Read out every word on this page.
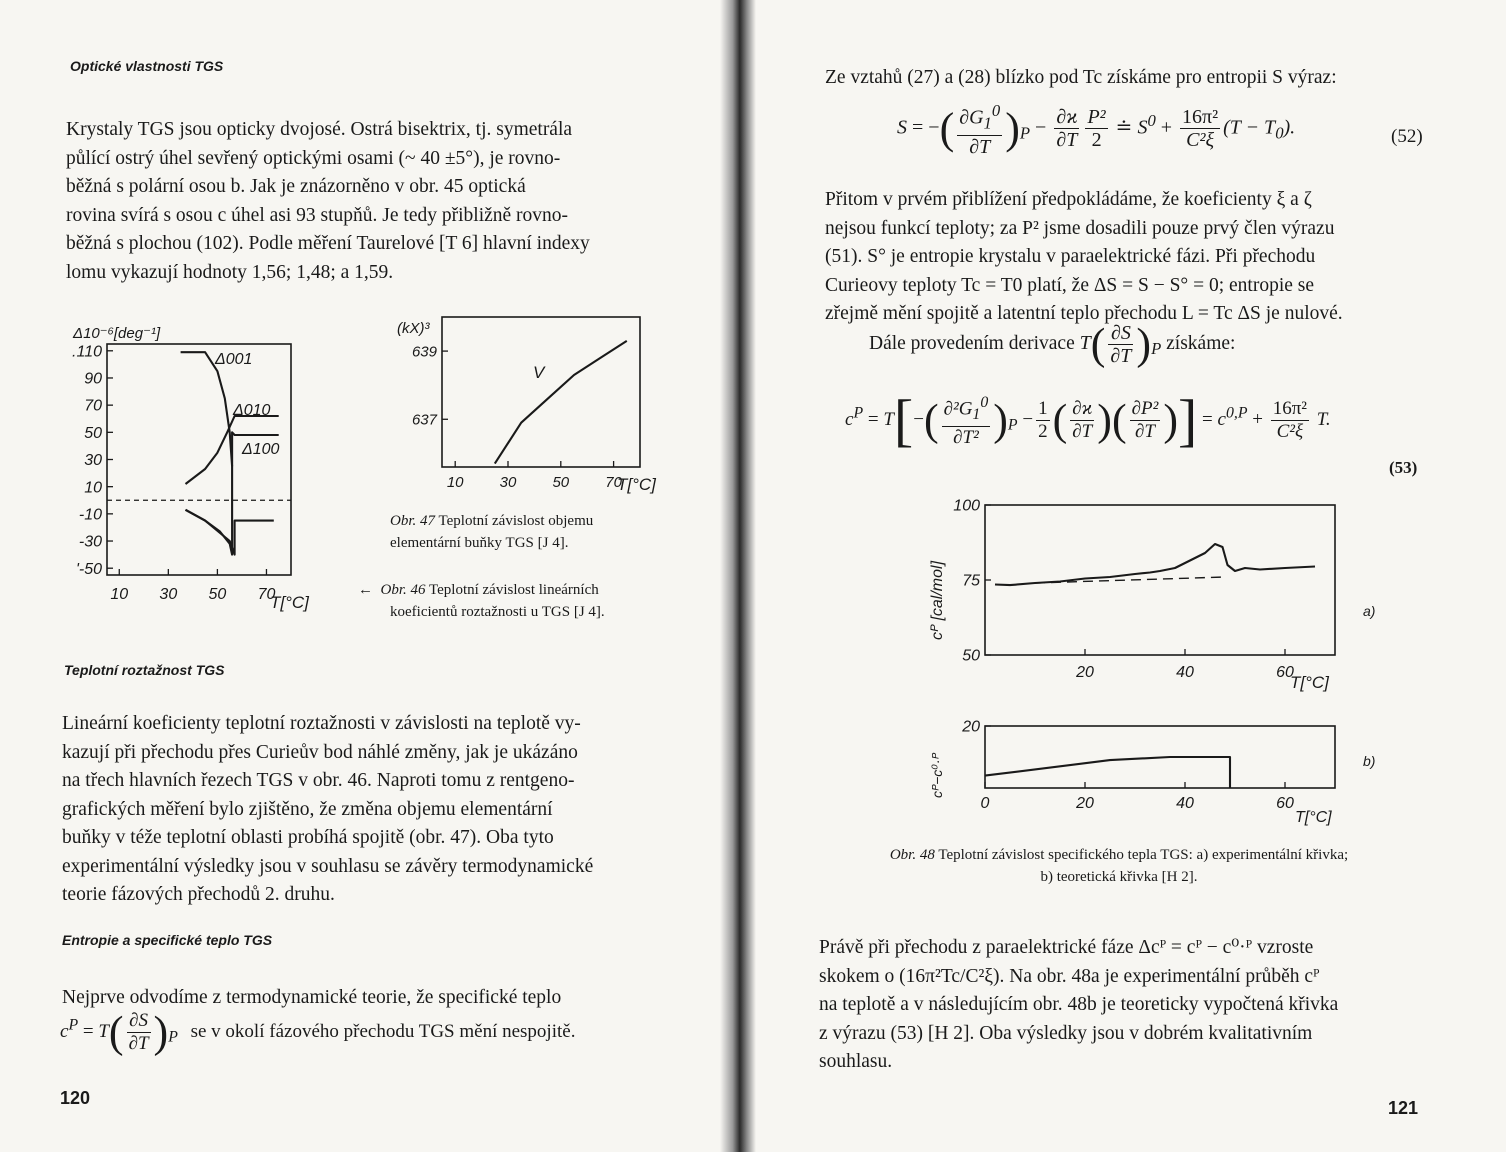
Optické vlastnosti TGS
Krystaly TGS jsou opticky dvojosé. Ostrá bisektrix, tj. symetrála
půlící ostrý úhel sevřený optickými osami (~ 40 ±5°), je rovno-
běžná s polární osou b. Jak je znázorněno v obr. 45 optická
rovina svírá s osou c úhel asi 93 stupňů. Je tedy přibližně rovno-
běžná s plochou (102). Podle měření Taurelové [T 6] hlavní indexy
lomu vykazují hodnoty 1,56; 1,48; a 1,59.
Δ10⁻⁶[deg⁻¹]
10 30 50 70
.110
90
70
50
30
10
-10
-30
'-50
Δ001
Δ010
Δ100
T[°C]
(kX)³
10 30 50 70
639
637
V
T[°C]
Obr. 47 Teplotní závislost objemu
elementární buňky TGS [J 4].
← Obr. 46 Teplotní závislost lineárních
koeficientů roztažnosti u TGS [J 4].
Teplotní roztažnost TGS
Lineární koeficienty teplotní roztažnosti v závislosti na teplotě vy-
kazují při přechodu přes Curieův bod náhlé změny, jak je ukázáno
na třech hlavních řezech TGS v obr. 46. Naproti tomu z rentgeno-
grafických měření bylo zjištěno, že změna objemu elementární
buňky v téže teplotní oblasti probíhá spojitě (obr. 47). Oba tyto
experimentální výsledky jsou v souhlasu se závěry termodynamické
teorie fázových přechodů 2. druhu.
Entropie a specifické teplo TGS
Nejprve odvodíme z termodynamické teorie, že specifické teplo
$c^P = T( \frac{\partial S}{\partial T} )_P$ se v okolí fázového přechodu TGS mění nespojitě.
120
Ze vztahů (27) a (28) blízko pod Tc získáme pro entropii S výraz:
S = −( $\frac{\partial G_1^0}{\partial T} )_P - \frac{\partial ϰ}{\partial T} \frac{\text{P²}}{2}$ ≐ $S^0 + \frac{\text{16π²}}{\text{C²ξ}} (T - T_0)$.	(52)
Přitom v prvém přiblížení předpokládáme, že koeficienty ξ a ζ
nejsou funkcí teploty; za P² jsme dosadili pouze prvý člen výrazu
(51). S° je entropie krystalu v paraelektrické fázi. Při přechodu
Curieovy teploty Tc = T0 platí, že ΔS = S − S° = 0; entropie se
zřejmě mění spojitě a latentní teplo přechodu L = Tc ΔS je nulové.
Dále provedením derivace $T( \frac{\partial S}{\partial T} )_P$ získáme:
$c^P = T[-( \frac{\partial^2G_1^0}{\text{∂T²}} )_P - \frac{1}{2}$ ( $\frac{\partial ϰ}{\partial T}$ )( $\frac{\text{∂P²}}{\partial T}$ )] = $c^{0,P} + \frac{\text{16π²}}{\text{C²ξ}} T$.
(53)
cᴾ [cal/mol]
20	40	60
100
75
50
T[°C]
a)
cᴾ−c⁰·ᴾ
0	20	40	60
20
T[°C]
b)
Obr. 48 Teplotní závislost specifického tepla TGS: a) experimentální křivka;
b) teoretická křivka [H 2].
Právě při přechodu z paraelektrické fáze Δcᴾ = cᴾ − c⁰·ᴾ vzroste
skokem o (16π²Tc/C²ξ). Na obr. 48a je experimentální průběh cᴾ
na teplotě a v následujícím obr. 48b je teoreticky vypočtená křivka
z výrazu (53) [H 2]. Oba výsledky jsou v dobrém kvalitativním
souhlasu.
121
